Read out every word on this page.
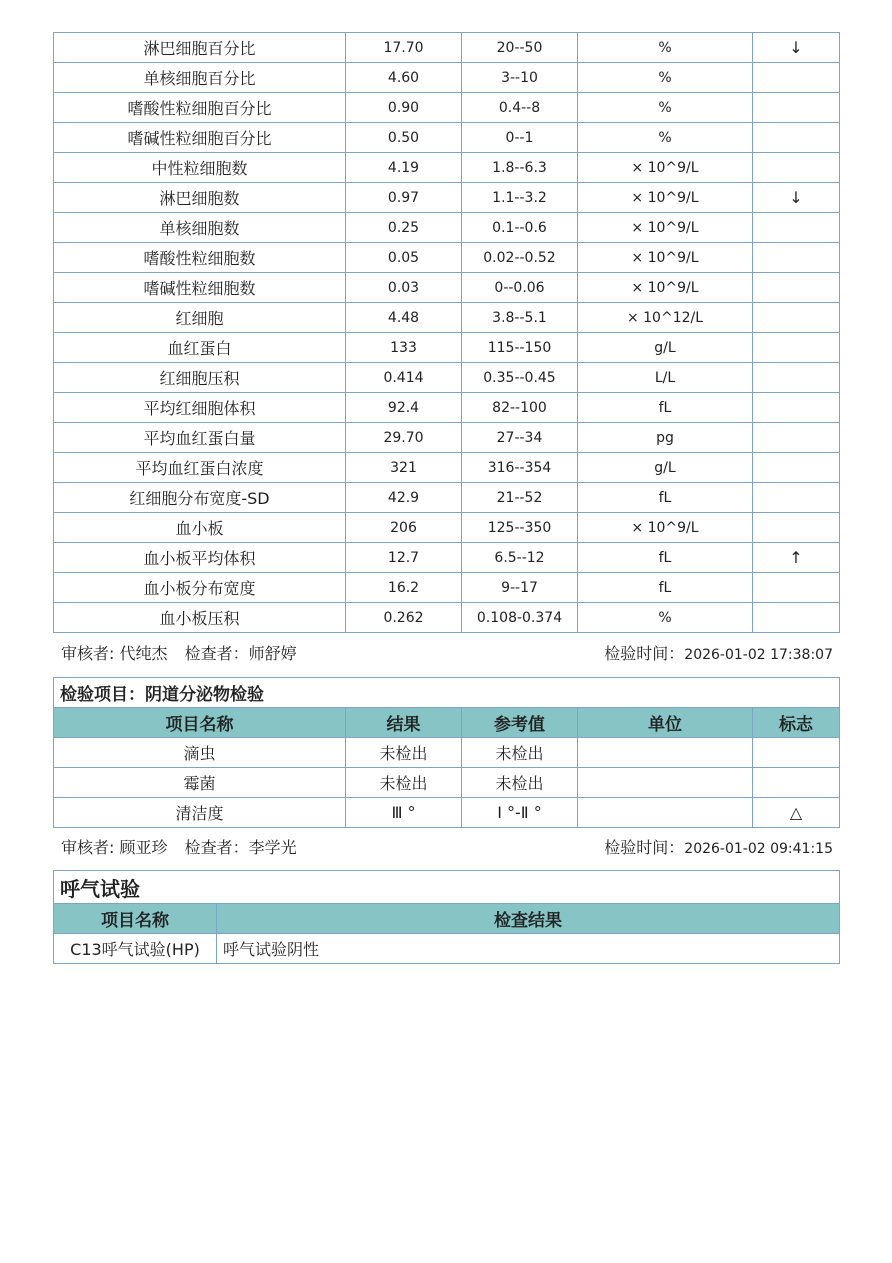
淋巴细胞百分比	17.70	20--50	%	↓
单核细胞百分比	4.60	3--10	%	
嗜酸性粒细胞百分比	0.90	0.4--8	%	
嗜碱性粒细胞百分比	0.50	0--1	%	
中性粒细胞数	4.19	1.8--6.3	× 10^9/L	
淋巴细胞数	0.97	1.1--3.2	× 10^9/L	↓
单核细胞数	0.25	0.1--0.6	× 10^9/L	
嗜酸性粒细胞数	0.05	0.02--0.52	× 10^9/L	
嗜碱性粒细胞数	0.03	0--0.06	× 10^9/L	
红细胞	4.48	3.8--5.1	× 10^12/L	
血红蛋白	133	115--150	g/L	
红细胞压积	0.414	0.35--0.45	L/L	
平均红细胞体积	92.4	82--100	fL	
平均血红蛋白量	29.70	27--34	pg	
平均血红蛋白浓度	321	316--354	g/L	
红细胞分布宽度-SD	42.9	21--52	fL	
血小板	206	125--350	× 10^9/L	
血小板平均体积	12.7	6.5--12	fL	↑
血小板分布宽度	16.2	9--17	fL	
血小板压积	0.262	0.108-0.374	%	
审核者: 代纯杰 检查者：师舒婷	检验时间：2026-01-02 17:38:07
检验项目：阴道分泌物检验				
项目名称	结果	参考值	单位	标志
滴虫	未检出	未检出		
霉菌	未检出	未检出		
清洁度	Ⅲ °	Ⅰ °-Ⅱ °		△
审核者: 顾亚珍 检查者：李学光	检验时间：2026-01-02 09:41:15
呼气试验	
项目名称	检查结果
C13呼气试验(HP)	呼气试验阴性
